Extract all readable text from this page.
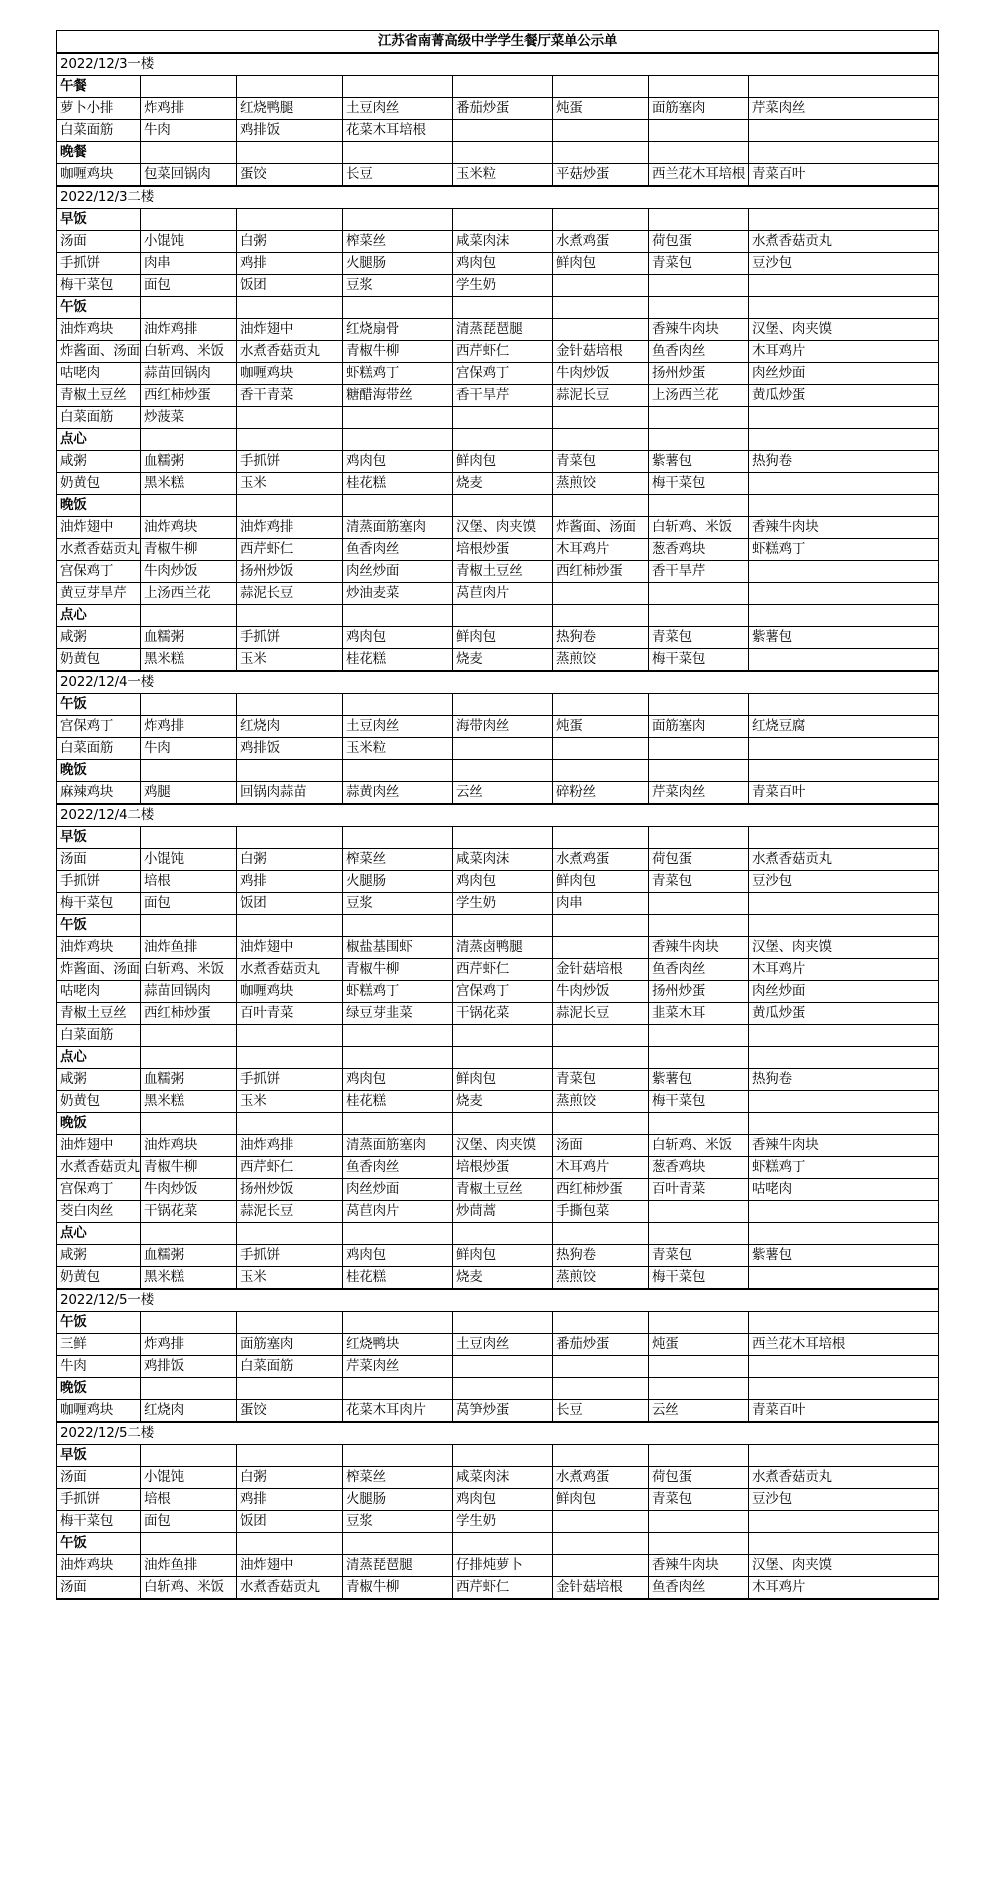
江苏省南菁高级中学学生餐厅菜单公示单							
2022/12/3一楼							
午餐							
萝卜小排	炸鸡排	红烧鸭腿	土豆肉丝	番茄炒蛋	炖蛋	面筋塞肉	芹菜肉丝
白菜面筋	牛肉	鸡排饭	花菜木耳培根				
晚餐							
咖喱鸡块	包菜回锅肉	蛋饺	长豆	玉米粒	平菇炒蛋	西兰花木耳培根	青菜百叶
2022/12/3二楼							
早饭							
汤面	小馄饨	白粥	榨菜丝	咸菜肉沫	水煮鸡蛋	荷包蛋	水煮香菇贡丸
手抓饼	肉串	鸡排	火腿肠	鸡肉包	鲜肉包	青菜包	豆沙包
梅干菜包	面包	饭团	豆浆	学生奶			
午饭							
油炸鸡块	油炸鸡排	油炸翅中	红烧扇骨	清蒸琵琶腿		香辣牛肉块	汉堡、肉夹馍
炸酱面、汤面	白斩鸡、米饭	水煮香菇贡丸	青椒牛柳	西芹虾仁	金针菇培根	鱼香肉丝	木耳鸡片
咕咾肉	蒜苗回锅肉	咖喱鸡块	虾糕鸡丁	宫保鸡丁	牛肉炒饭	扬州炒蛋	肉丝炒面
青椒土豆丝	西红柿炒蛋	香干青菜	糖醋海带丝	香干旱芹	蒜泥长豆	上汤西兰花	黄瓜炒蛋
白菜面筋	炒菠菜						
点心							
咸粥	血糯粥	手抓饼	鸡肉包	鲜肉包	青菜包	紫薯包	热狗卷
奶黄包	黑米糕	玉米	桂花糕	烧麦	蒸煎饺	梅干菜包	
晚饭							
油炸翅中	油炸鸡块	油炸鸡排	清蒸面筋塞肉	汉堡、肉夹馍	炸酱面、汤面	白斩鸡、米饭	香辣牛肉块
水煮香菇贡丸	青椒牛柳	西芹虾仁	鱼香肉丝	培根炒蛋	木耳鸡片	葱香鸡块	虾糕鸡丁
宫保鸡丁	牛肉炒饭	扬州炒饭	肉丝炒面	青椒土豆丝	西红柿炒蛋	香干旱芹	
黄豆芽旱芹	上汤西兰花	蒜泥长豆	炒油麦菜	莴苣肉片			
点心							
咸粥	血糯粥	手抓饼	鸡肉包	鲜肉包	热狗卷	青菜包	紫薯包
奶黄包	黑米糕	玉米	桂花糕	烧麦	蒸煎饺	梅干菜包	
2022/12/4一楼							
午饭							
宫保鸡丁	炸鸡排	红烧肉	土豆肉丝	海带肉丝	炖蛋	面筋塞肉	红烧豆腐
白菜面筋	牛肉	鸡排饭	玉米粒				
晚饭							
麻辣鸡块	鸡腿	回锅肉蒜苗	蒜黄肉丝	云丝	碎粉丝	芹菜肉丝	青菜百叶
2022/12/4二楼							
早饭							
汤面	小馄饨	白粥	榨菜丝	咸菜肉沫	水煮鸡蛋	荷包蛋	水煮香菇贡丸
手抓饼	培根	鸡排	火腿肠	鸡肉包	鲜肉包	青菜包	豆沙包
梅干菜包	面包	饭团	豆浆	学生奶	肉串		
午饭							
油炸鸡块	油炸鱼排	油炸翅中	椒盐基围虾	清蒸卤鸭腿		香辣牛肉块	汉堡、肉夹馍
炸酱面、汤面	白斩鸡、米饭	水煮香菇贡丸	青椒牛柳	西芹虾仁	金针菇培根	鱼香肉丝	木耳鸡片
咕咾肉	蒜苗回锅肉	咖喱鸡块	虾糕鸡丁	宫保鸡丁	牛肉炒饭	扬州炒蛋	肉丝炒面
青椒土豆丝	西红柿炒蛋	百叶青菜	绿豆芽韭菜	干锅花菜	蒜泥长豆	韭菜木耳	黄瓜炒蛋
白菜面筋							
点心							
咸粥	血糯粥	手抓饼	鸡肉包	鲜肉包	青菜包	紫薯包	热狗卷
奶黄包	黑米糕	玉米	桂花糕	烧麦	蒸煎饺	梅干菜包	
晚饭							
油炸翅中	油炸鸡块	油炸鸡排	清蒸面筋塞肉	汉堡、肉夹馍	汤面	白斩鸡、米饭	香辣牛肉块
水煮香菇贡丸	青椒牛柳	西芹虾仁	鱼香肉丝	培根炒蛋	木耳鸡片	葱香鸡块	虾糕鸡丁
宫保鸡丁	牛肉炒饭	扬州炒饭	肉丝炒面	青椒土豆丝	西红柿炒蛋	百叶青菜	咕咾肉
茭白肉丝	干锅花菜	蒜泥长豆	莴苣肉片	炒茼蒿	手撕包菜		
点心							
咸粥	血糯粥	手抓饼	鸡肉包	鲜肉包	热狗卷	青菜包	紫薯包
奶黄包	黑米糕	玉米	桂花糕	烧麦	蒸煎饺	梅干菜包	
2022/12/5一楼							
午饭							
三鲜	炸鸡排	面筋塞肉	红烧鸭块	土豆肉丝	番茄炒蛋	炖蛋	西兰花木耳培根
牛肉	鸡排饭	白菜面筋	芹菜肉丝				
晚饭							
咖喱鸡块	红烧肉	蛋饺	花菜木耳肉片	莴笋炒蛋	长豆	云丝	青菜百叶
2022/12/5二楼							
早饭							
汤面	小馄饨	白粥	榨菜丝	咸菜肉沫	水煮鸡蛋	荷包蛋	水煮香菇贡丸
手抓饼	培根	鸡排	火腿肠	鸡肉包	鲜肉包	青菜包	豆沙包
梅干菜包	面包	饭团	豆浆	学生奶			
午饭							
油炸鸡块	油炸鱼排	油炸翅中	清蒸琵琶腿	仔排炖萝卜		香辣牛肉块	汉堡、肉夹馍
汤面	白斩鸡、米饭	水煮香菇贡丸	青椒牛柳	西芹虾仁	金针菇培根	鱼香肉丝	木耳鸡片
